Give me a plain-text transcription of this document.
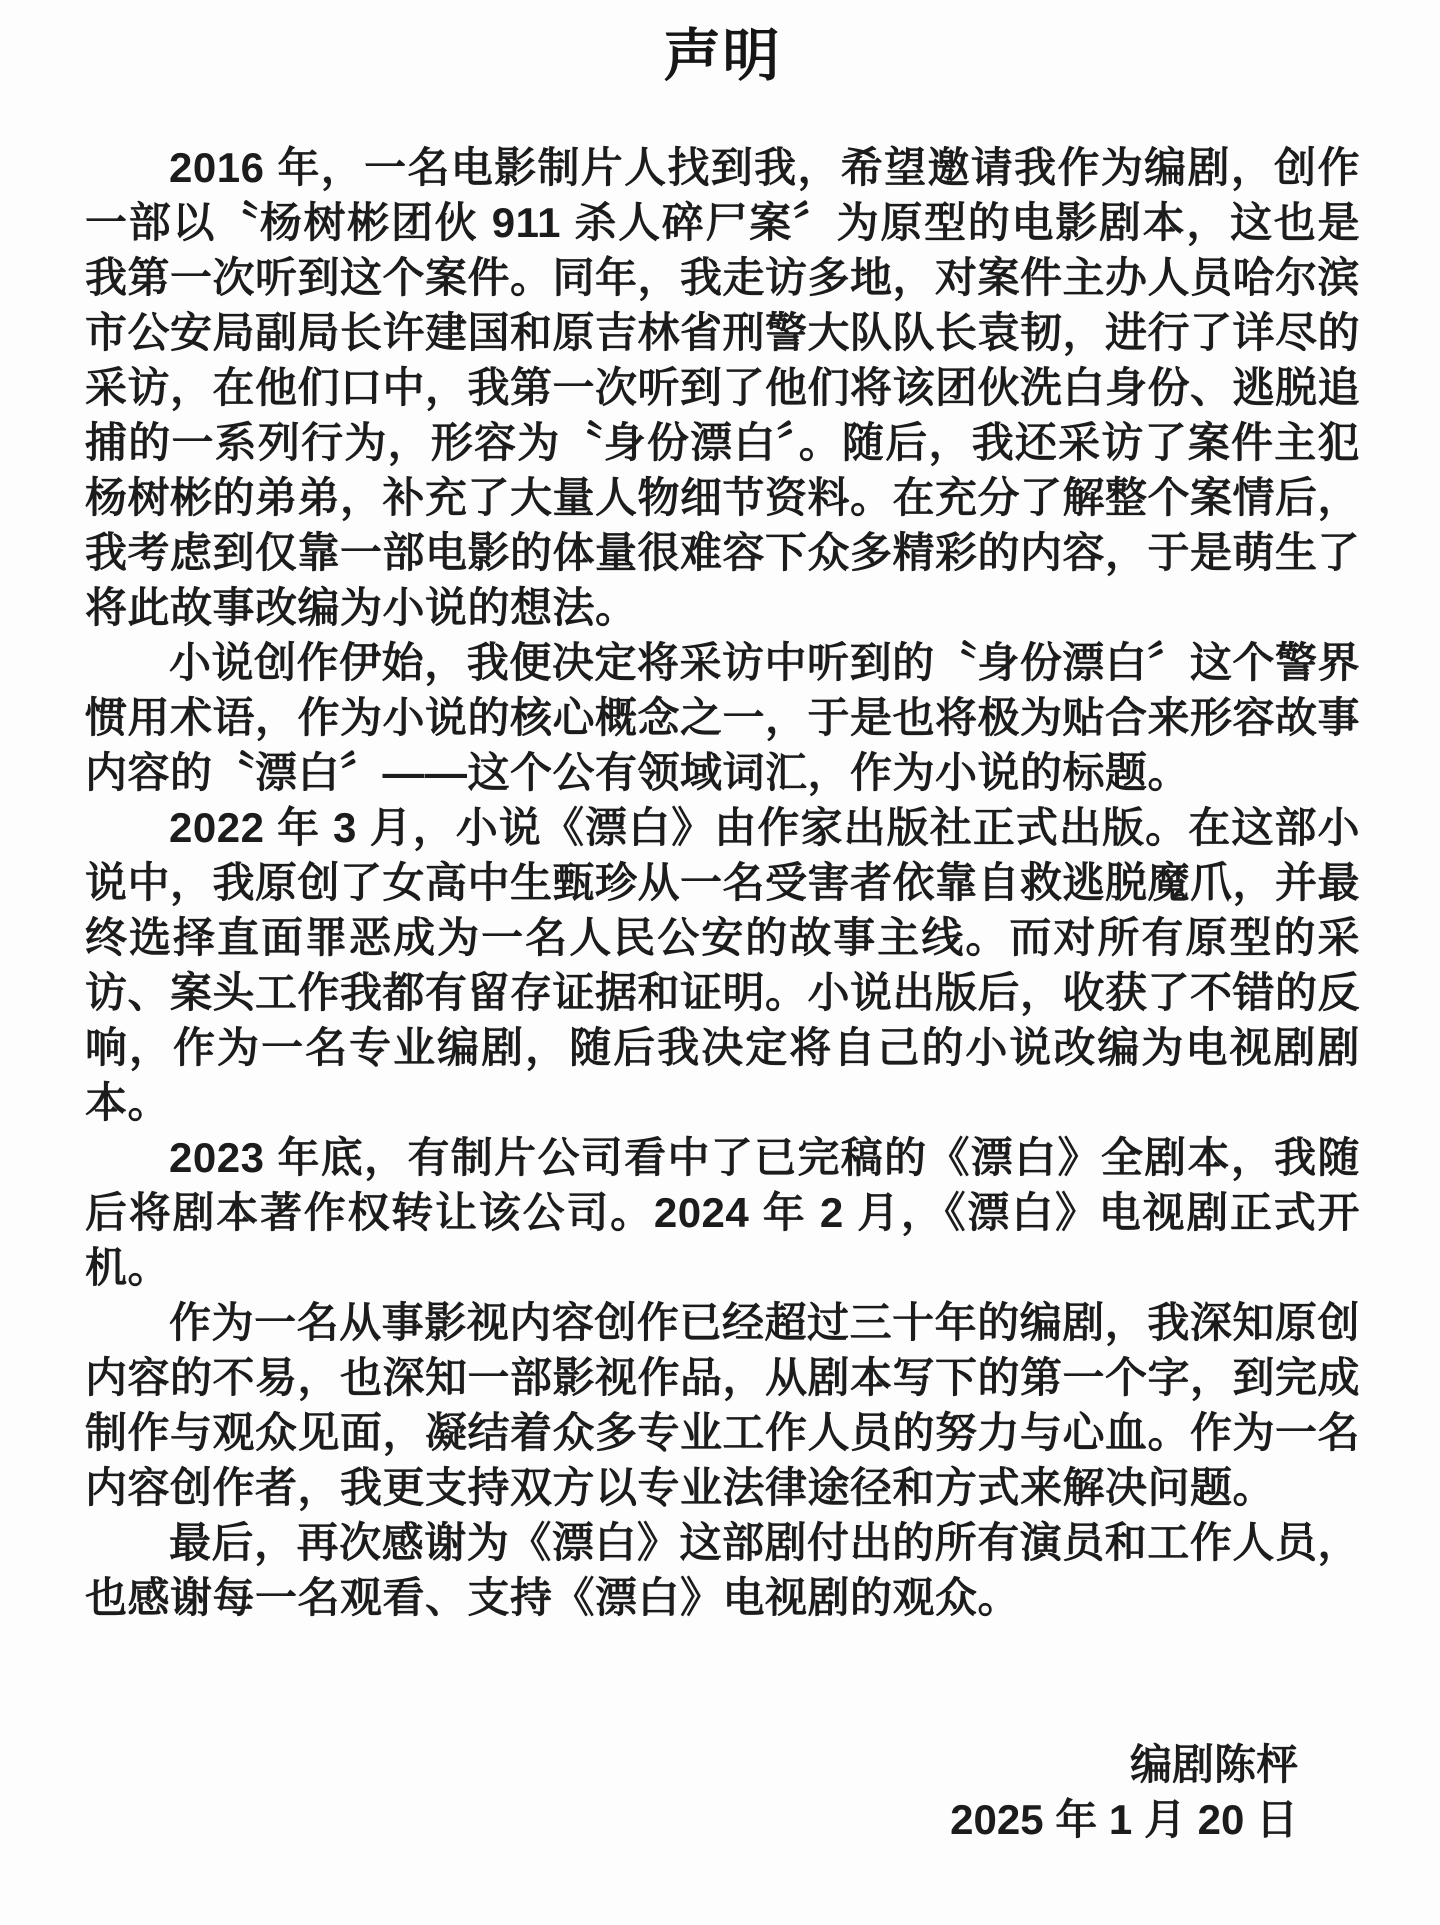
声明

2016 年，一名电影制片人找到我，希望邀请我作为编剧，创作一部以〝杨树彬团伙 911 杀人碎尸案〞为原型的电影剧本，这也是我第一次听到这个案件。同年，我走访多地，对案件主办人员哈尔滨市公安局副局长许建国和原吉林省刑警大队队长袁韧，进行了详尽的采访，在他们口中，我第一次听到了他们将该团伙洗白身份、逃脱追捕的一系列行为，形容为〝身份漂白〞。随后，我还采访了案件主犯杨树彬的弟弟，补充了大量人物细节资料。在充分了解整个案情后，我考虑到仅靠一部电影的体量很难容下众多精彩的内容，于是萌生了将此故事改编为小说的想法。

小说创作伊始，我便决定将采访中听到的〝身份漂白〞这个警界惯用术语，作为小说的核心概念之一，于是也将极为贴合来形容故事内容的〝漂白〞——这个公有领域词汇，作为小说的标题。

2022 年 3 月，小说《漂白》由作家出版社正式出版。在这部小说中，我原创了女高中生甄珍从一名受害者依靠自救逃脱魔爪，并最终选择直面罪恶成为一名人民公安的故事主线。而对所有原型的采访、案头工作我都有留存证据和证明。小说出版后，收获了不错的反响，作为一名专业编剧，随后我决定将自己的小说改编为电视剧剧本。

2023 年底，有制片公司看中了已完稿的《漂白》全剧本，我随后将剧本著作权转让该公司。2024 年 2 月，《漂白》电视剧正式开机。

作为一名从事影视内容创作已经超过三十年的编剧，我深知原创内容的不易，也深知一部影视作品，从剧本写下的第一个字，到完成制作与观众见面，凝结着众多专业工作人员的努力与心血。作为一名内容创作者，我更支持双方以专业法律途径和方式来解决问题。

最后，再次感谢为《漂白》这部剧付出的所有演员和工作人员，也感谢每一名观看、支持《漂白》电视剧的观众。

编剧陈枰

2025 年 1 月 20 日
